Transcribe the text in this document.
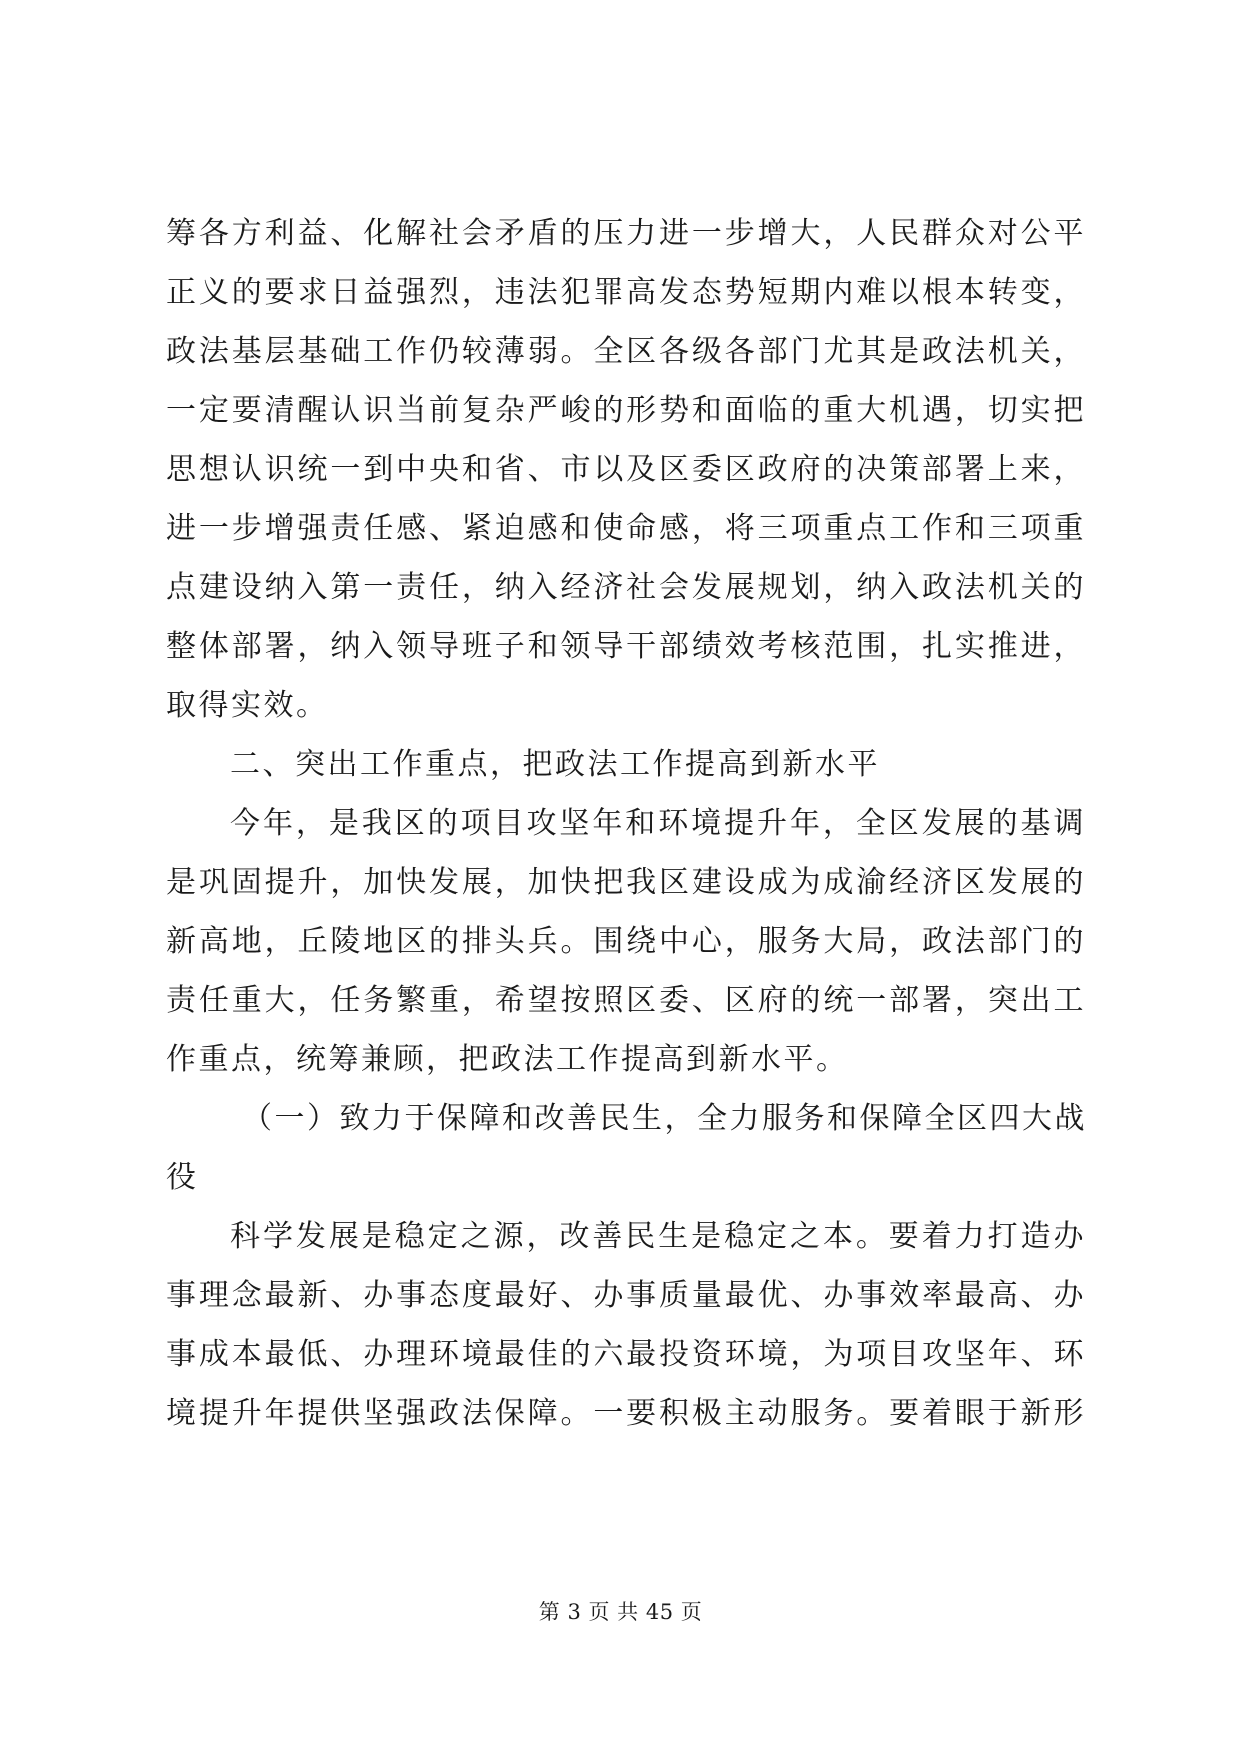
筹各方利益、化解社会矛盾的压力进一步增大，人民群众对公平
正义的要求日益强烈，违法犯罪高发态势短期内难以根本转变，
政法基层基础工作仍较薄弱。全区各级各部门尤其是政法机关，
一定要清醒认识当前复杂严峻的形势和面临的重大机遇，切实把
思想认识统一到中央和省、市以及区委区政府的决策部署上来，
进一步增强责任感、紧迫感和使命感，将三项重点工作和三项重
点建设纳入第一责任，纳入经济社会发展规划，纳入政法机关的
整体部署，纳入领导班子和领导干部绩效考核范围，扎实推进，
取得实效。
二、突出工作重点，把政法工作提高到新水平
今年，是我区的项目攻坚年和环境提升年，全区发展的基调
是巩固提升，加快发展，加快把我区建设成为成渝经济区发展的
新高地，丘陵地区的排头兵。围绕中心，服务大局，政法部门的
责任重大，任务繁重，希望按照区委、区府的统一部署，突出工
作重点，统筹兼顾，把政法工作提高到新水平。
（一）致力于保障和改善民生，全力服务和保障全区四大战
役
科学发展是稳定之源，改善民生是稳定之本。要着力打造办
事理念最新、办事态度最好、办事质量最优、办事效率最高、办
事成本最低、办理环境最佳的六最投资环境，为项目攻坚年、环
境提升年提供坚强政法保障。一要积极主动服务。要着眼于新形
第 3 页 共 45 页
